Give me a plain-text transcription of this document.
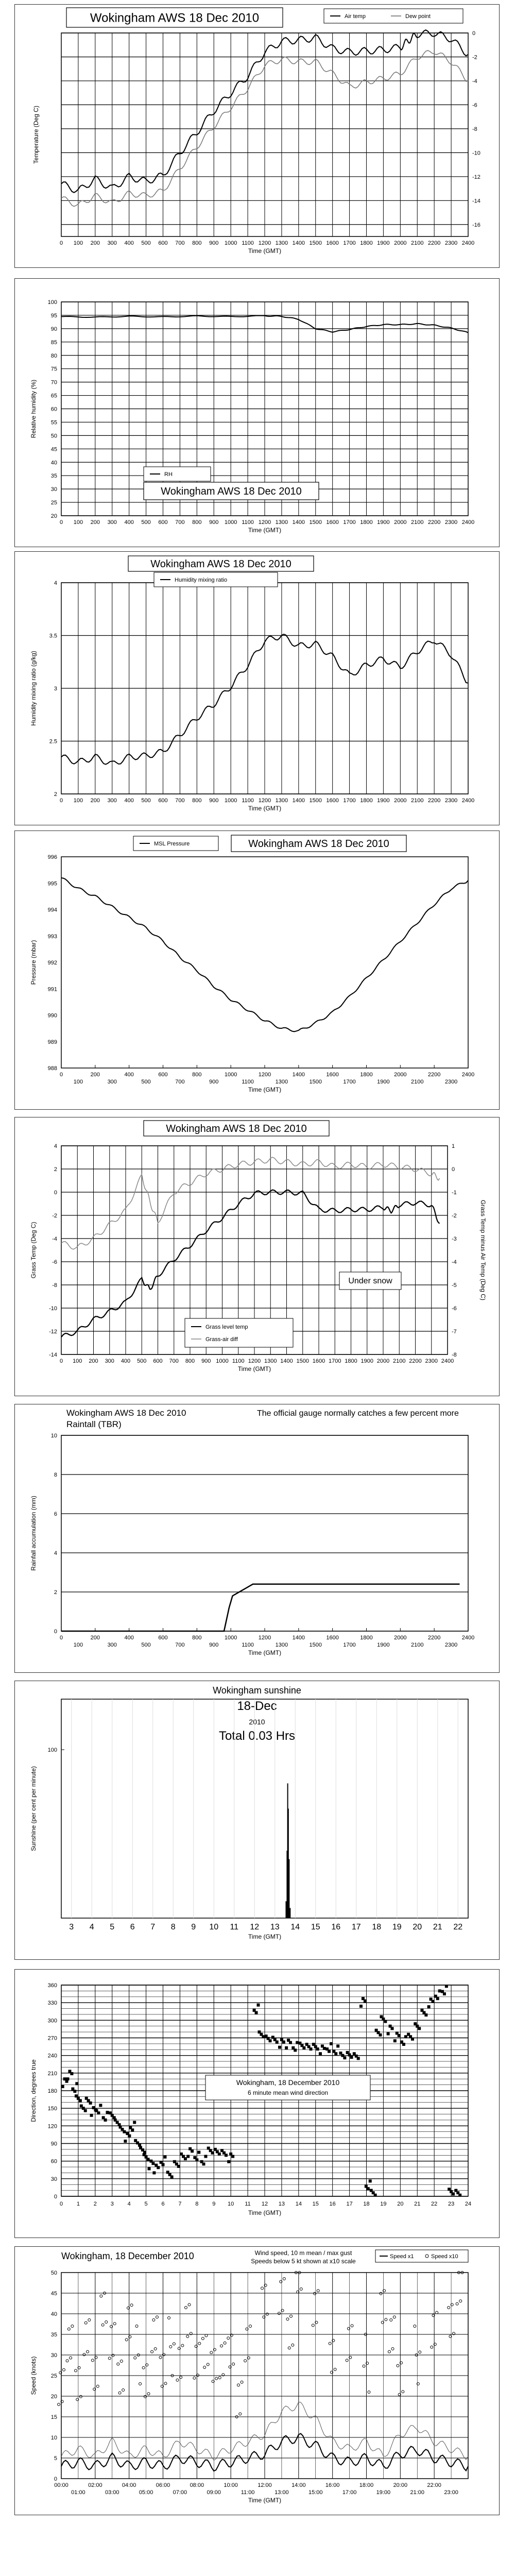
Wokingham AWS 18 Dec 2010	Air temp	Dew point
0
-2
-4
-6
-8
-10
-12
-14
-16
0 100 200 300 400 500 600 700 800 900 1000 1100 1200 1300 1400 1500 1600 1700 1800 1900 2000 2100 2200 2300 2400
Time (GMT)
Temperature (Deg C)
20
25
30
35
40
45
50
55
60
65
70
75
80
85
90
95
100
0 100 200 300 400 500 600 700 800 900 1000 1100 1200 1300 1400 1500 1600 1700 1800 1900 2000 2100 2200 2300 2400
Time (GMT)
Relative humidity (%)
RH
Wokingham AWS 18 Dec 2010
Wokingham AWS 18 Dec 2010
0 100 200 300 400 500 600 700 800 900 1000 1100 1200 1300 1400 1500 1600 1700 1800 1900 2000 2100 2200 2300 2400
2
2.5
3
3.5
4
Time (GMT)
Humidity mixing ratio (g/kg)
Humidity mixing ratio
MSL Pressure	Wokingham AWS 18 Dec 2010
988
989
990
991
992
993
994
995
996
0	200	400	600	800	1000	1200	1400	1600	1800	2000	2200	2400
100	300	500	700	900	1100	1300	1500	1700	1900	2100	2300
Time (GMT)
Pressure (mbar)
Wokingham AWS 18 Dec 2010
0 100 200 300 400 500 600 700 800 900 1000 1100 1200 1300 1400 1500 1600 1700 1800 1900 2000 2100 2200 2300 2400
4
2
0
-2
-4
-6
-8
-10
-12
-14
1
0
-1
-2
-3
-4
-5
-6
-7
-8
Time (GMT)
Grass Temp (Deg C)	Grass Temp minus Air Temp (Deg C)
Under snow
Grass level temp
Grass-air diff
Wokingham AWS 18 Dec 2010
Raintall (TBR)
The official gauge normally catches a few percent more
0
2
4
6
8
10
0	200	400	600	800	1000	1200	1400	1600	1800	2000	2200	2400
100	300	500	700	900	1100	1300	1500	1700	1900	2100	2300
Time (GMT)
Rainfall accumulation (mm)
Wokingham sunshine
18-Dec
2010
Total 0.03 Hrs
100
3 4 5 6 7 8 9 10 11 12 13 14 15 16 17 18 19 20 21 22
Time (GMT)
Sunshine (per cent per minute)
0
30
60
90
120
150
180
210
240
270
300
330
360
0 1 2 3 4 5 6 7 8 9 10 11 12 13 14 15 16 17 18 19 20 21 22 23 24
Time (GMT)
Direction, degrees true	Wokingham, 18 December 2010
6 minute mean wind direction
Wokingham, 18 December 2010	Wind speed, 10 m mean / max gust
Speeds below 5 kt shown at x10 scale
Speed x1	Speed x10
0
5
10
15
20
25
30
35
40
45
50
00:00	02:00	04:00	06:00	08:00	10:00	12:00	14:00	16:00	18:00	20:00	22:00
01:00	03:00	05:00	07:00	09:00	11:00	13:00	15:00	17:00	19:00	21:00	23:00
Time (GMT)
Speed (knots)
